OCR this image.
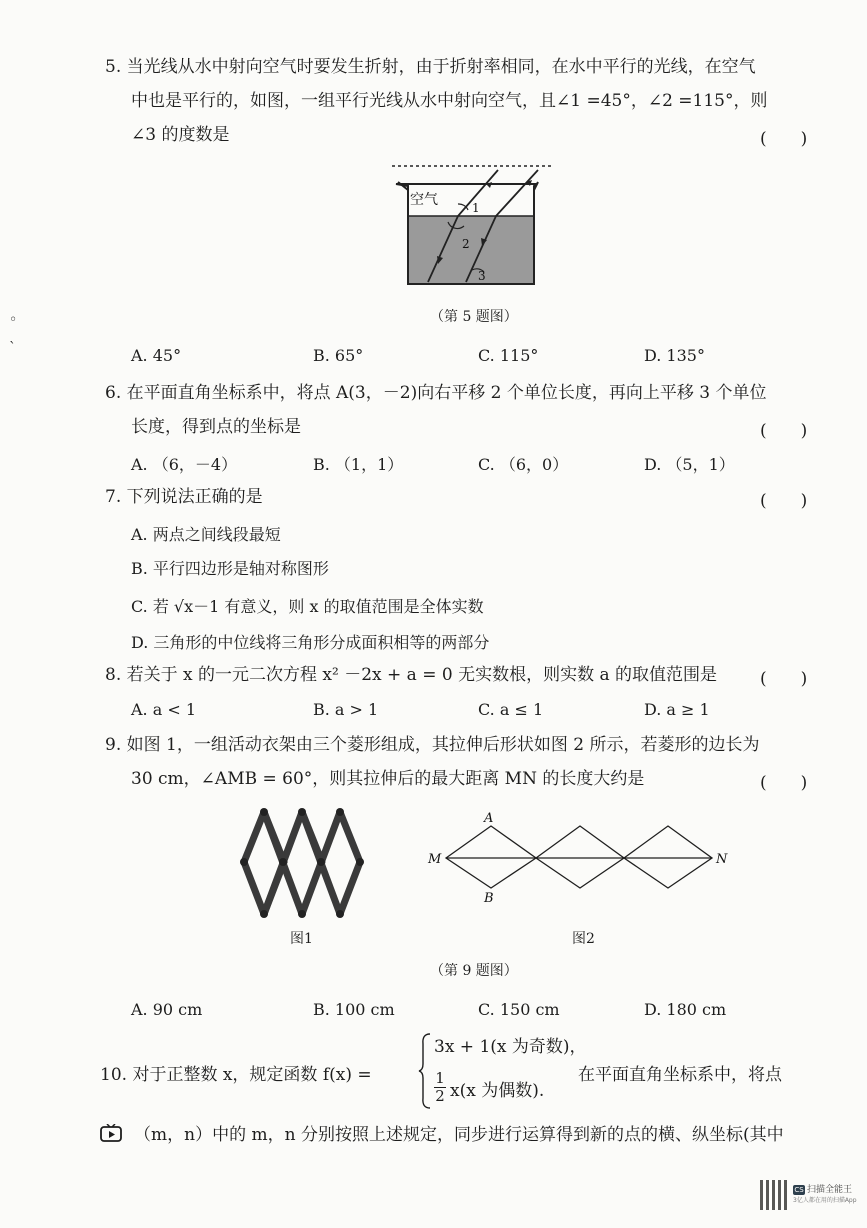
◦
ˋ
5. 当光线从水中射向空气时要发生折射，由于折射率相同，在水中平行的光线，在空气
中也是平行的，如图，一组平行光线从水中射向空气，且∠1 =45°，∠2 =115°，则
∠3 的度数是	(　　)
空气	1
2
3
（第 5 题图）
A. 45°	B. 65°	C. 115°	D. 135°
6. 在平面直角坐标系中，将点 A(3，－2)向右平移 2 个单位长度，再向上平移 3 个单位
长度，得到点的坐标是	(　　)
A. （6，－4）	B. （1，1）	C. （6，0）	D. （5，1）
7. 下列说法正确的是	(　　)
A. 两点之间线段最短
B. 平行四边形是轴对称图形
C. 若 √x－1 有意义，则 x 的取值范围是全体实数
D. 三角形的中位线将三角形分成面积相等的两部分
8. 若关于 x 的一元二次方程 x² －2x + a = 0 无实数根，则实数 a 的取值范围是	(　　)
A. a < 1	B. a > 1	C. a ≤ 1	D. a ≥ 1
9. 如图 1，一组活动衣架由三个菱形组成，其拉伸后形状如图 2 所示，若菱形的边长为
30 cm，∠AMB = 60°，则其拉伸后的最大距离 MN 的长度大约是	(　　)
图1
A
B
M	N
图2
（第 9 题图）
A. 90 cm	B. 100 cm	C. 150 cm	D. 180 cm
10. 对于正整数 x，规定函数 f(x) =
3x + 1(x 为奇数)，
$\frac{1}{2} x(x$ 为偶数).
在平面直角坐标系中，将点
（m，n）中的 m，n 分别按照上述规定，同步进行运算得到新的点的横、纵坐标(其中
CS 扫描全能王
3亿人都在用的扫描App
